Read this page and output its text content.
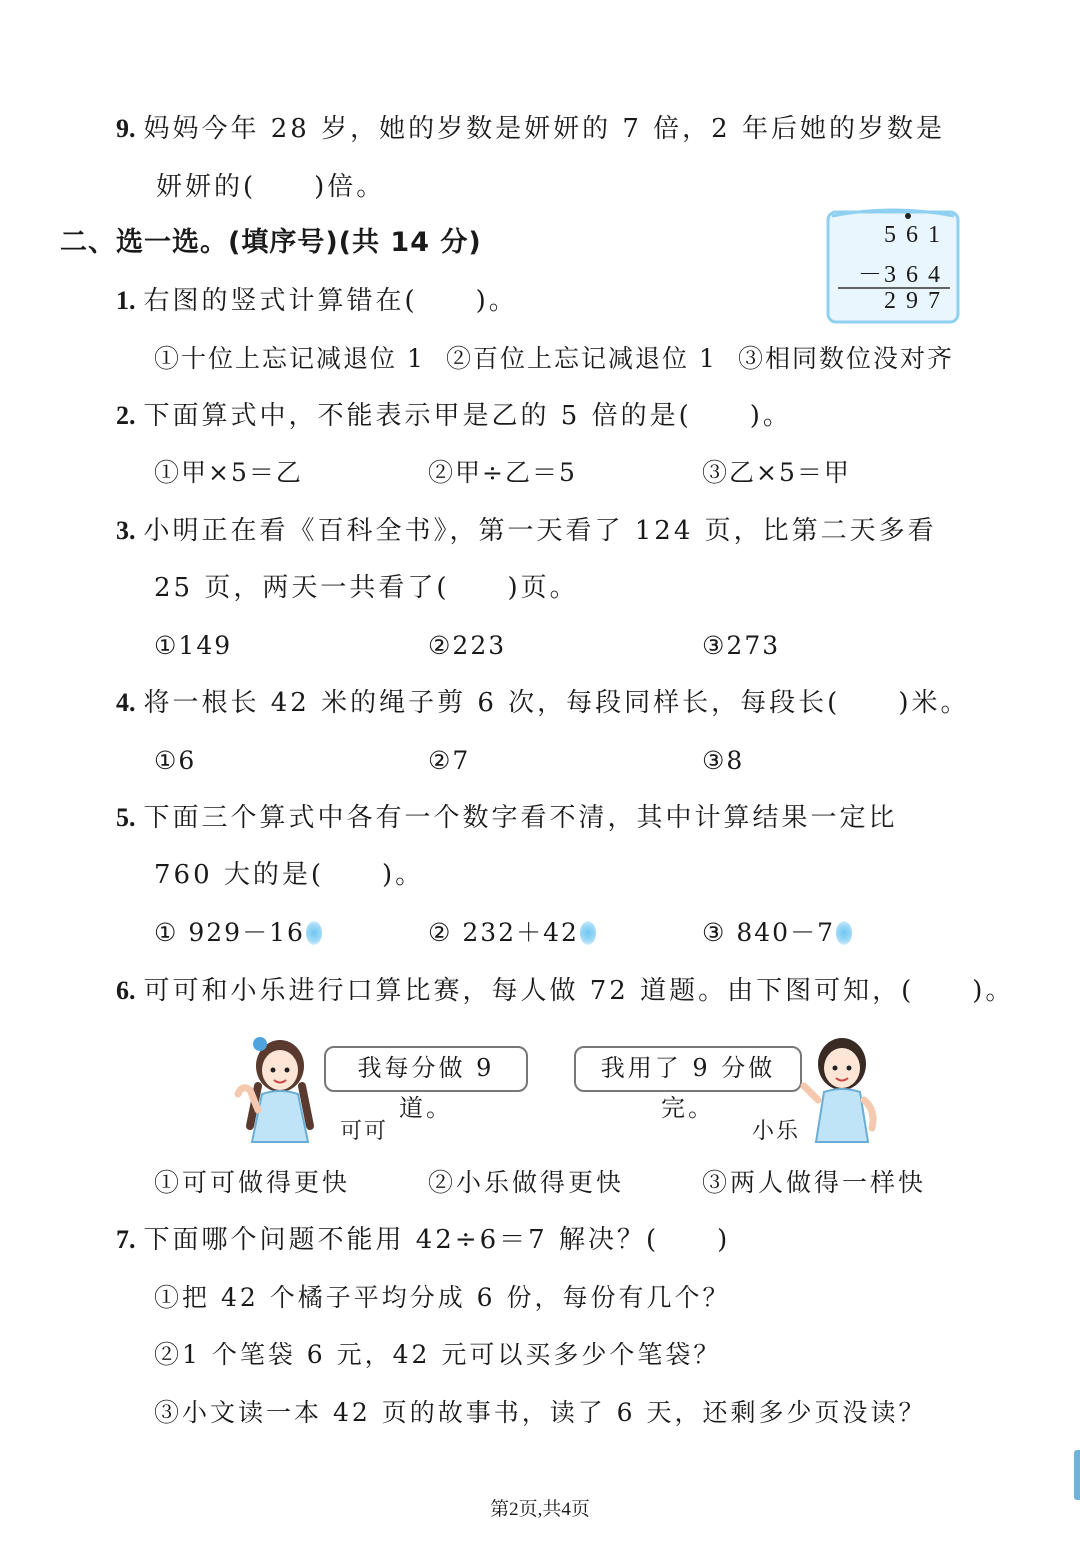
9. 妈妈今年 28 岁，她的岁数是妍妍的 7 倍，2 年后她的岁数是
妍妍的(　　)倍。
二、选一选。(填序号)(共 14 分)	5 6 1
－3 6 4
2 9 7
1. 右图的竖式计算错在(　　)。
①十位上忘记减退位 1 ②百位上忘记减退位 1 ③相同数位没对齐
2. 下面算式中，不能表示甲是乙的 5 倍的是(　　)。
①甲×5＝乙	②甲÷乙＝5	③乙×5＝甲
3. 小明正在看《百科全书》，第一天看了 124 页，比第二天多看
25 页，两天一共看了(　　)页。
①149	②223	③273
4. 将一根长 42 米的绳子剪 6 次，每段同样长，每段长(　　)米。
①6	②7	③8
5. 下面三个算式中各有一个数字看不清，其中计算结果一定比
760 大的是(　　)。
① 929－16	② 232＋42	③ 840－7
6. 可可和小乐进行口算比赛，每人做 72 道题。由下图可知，(　　)。
我每分做 9 道。
可可
我用了 9 分做完。
小乐
①可可做得更快	②小乐做得更快	③两人做得一样快
7. 下面哪个问题不能用 42÷6＝7 解决？(　　)
①把 42 个橘子平均分成 6 份，每份有几个？
②1 个笔袋 6 元，42 元可以买多少个笔袋？
③小文读一本 42 页的故事书，读了 6 天，还剩多少页没读？
第2页,共4页
